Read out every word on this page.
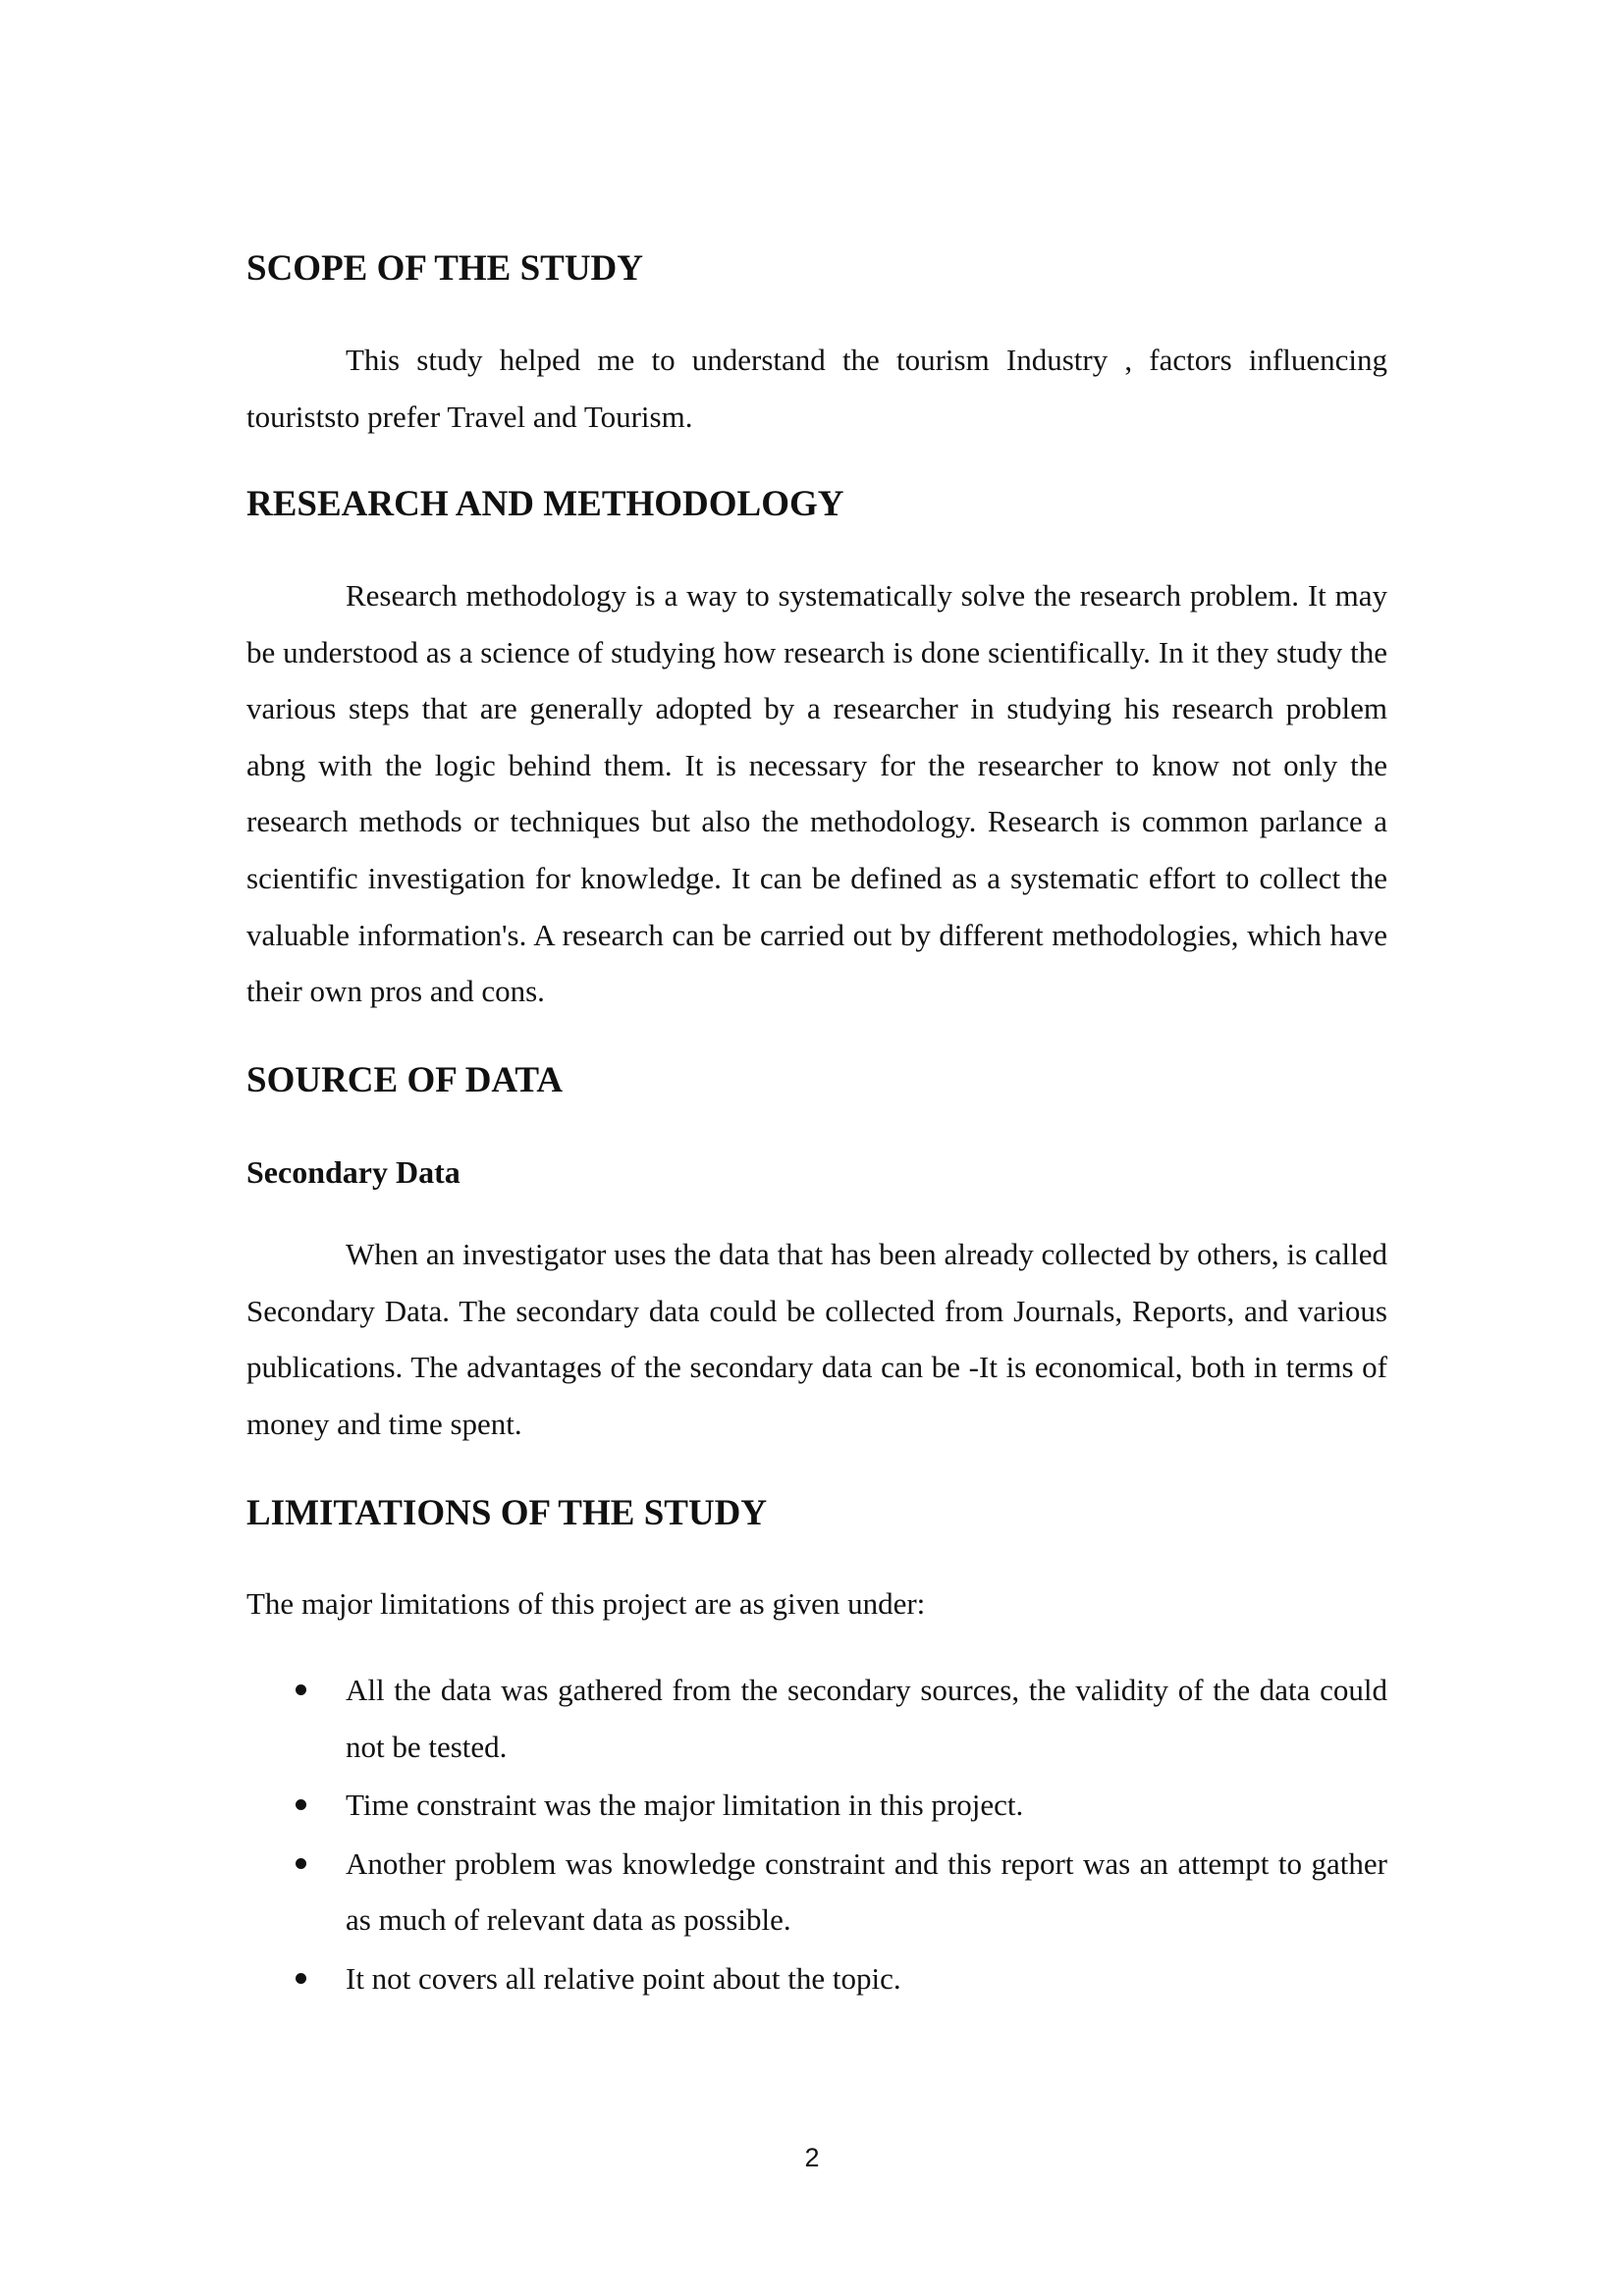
SCOPE OF THE STUDY

This study helped me to understand the tourism Industry , factors influencing touriststo prefer Travel and Tourism.

RESEARCH AND METHODOLOGY

Research methodology is a way to systematically solve the research problem. It may be understood as a science of studying how research is done scientifically. In it they study the various steps that are generally adopted by a researcher in studying his research problem abng with the logic behind them. It is necessary for the researcher to know not only the research methods or techniques but also the methodology. Research is common parlance a scientific investigation for knowledge. It can be defined as a systematic effort to collect the valuable information's. A research can be carried out by different methodologies, which have their own pros and cons.

SOURCE OF DATA
Secondary Data

When an investigator uses the data that has been already collected by others, is called Secondary Data. The secondary data could be collected from Journals, Reports, and various publications. The advantages of the secondary data can be -It is economical, both in terms of money and time spent.

LIMITATIONS OF THE STUDY

The major limitations of this project are as given under:

All the data was gathered from the secondary sources, the validity of the data could not be tested.
Time constraint was the major limitation in this project.
Another problem was knowledge constraint and this report was an attempt to gather as much of relevant data as possible.
It not covers all relative point about the topic.
2
